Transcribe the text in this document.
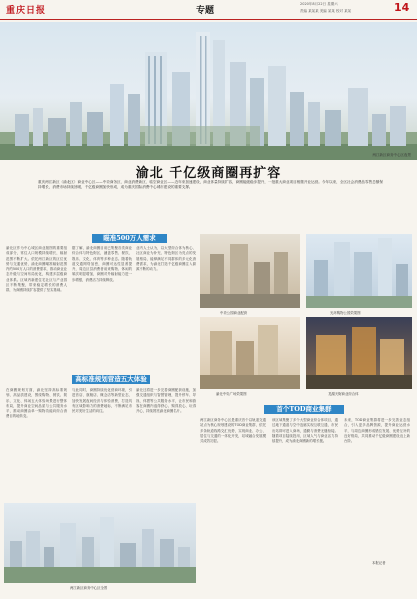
重庆日报	专题
2020年8月22日 星期六
责编 某某某 美编 某某 校对 某某	14
两江新区商务中心区夜景
渝北 千亿级商圈再扩容
重庆两江新区（渝北区）商业中心区——中央商务区、商业消费新区、临空商业区——近年来加速建设，商业体量持续扩容，商圈能级稳步提升，一批重大商业项目相继开业运营。今年以来，全区社会消费品零售总额保持增长，消费市场持续回暖，千亿级商圈加快形成，成为重庆国际消费中心城市建设的重要支撑。
瞄准500万人需求
渝北区作为中心城区商业版图的重要组成部分，常住人口规模持续增长，辐射范围不断扩大。依托两江新区的区位优势与交通优势，渝北商圈瞄准辐射范围内约500万人口的消费需求，推动商业业态升级与空间布局优化，构建多层级商业体系。区域内新建住宅社区与产业园区不断集聚，带来稳定增长的消费人群，为商圈持续扩容提供了坚实基础。
据了解，渝北商圈目前已集聚各类商业综合体与特色街区，涵盖零售、餐饮、娱乐、文化、体育等多种业态。随着轨道交通网络加密，商圈可达性显著提升，周边区县消费者前来购物、休闲的频次明显增加，商圈对外辐射能力进一步增强，消费活力持续释放。
业内人士认为，以大型综合体为核心、社区商业为补充、特色街区为亮点的发展格局，能够满足不同群体的多元化消费需求，为渝北打造千亿级商圈注入源源不断的动力。
高标准规划营造五大体验
在商圈规划方面，渝北坚持高标准规划、高品质建设，围绕购物、餐饮、娱乐、文化、休闲五大体验场景进行整体布局，提升商业空间品质与公共服务水平，推动商圈由单一购物功能向综合消费目的地转变。
与此同时，商圈持续优化营商环境，引进首店、旗舰店、概念店等新型业态，加快发展夜间经济与体验消费，打造具有区域影响力的消费地标，不断满足市民对美好生活的向往。
渝北还将进一步完善商圈配套设施，加强交通组织与智慧管理，提升停车、导视、休憩等公共服务水平，让市民和游客在商圈内逛得舒心、购得放心、玩得开心，持续擦亮渝北商圈名片。
中央公园商业配套	光环购物公园效果图
渝北中央广场效果图	龙湖天街商业综合体
首个TOD商业集群
两江新区商务中心区是重庆首个以轨道交通站点为核心规划建设的TOD商业集群，依托多条轨道线路交汇优势，实现商业、办公、居住与交通的一体化开发，站城融合发展模式成效初显。
该区域集聚了多个大型商业综合体项目，通过地下通道与空中连廊实现互联互通，市民出站即可进入商场，通勤与消费无缝衔接。随着项目陆续投用，区域人气与商业活力持续提升，成为渝北商圈新的增长极。
未来，TOD商业集群将进一步完善业态组合，引入更多品牌资源，提升商业运营水平，与周边商圈形成错位发展、优势互补的良好格局，共同推动千亿级商圈建设迈上新台阶。
本报记者
两江新区商务中心区全景
